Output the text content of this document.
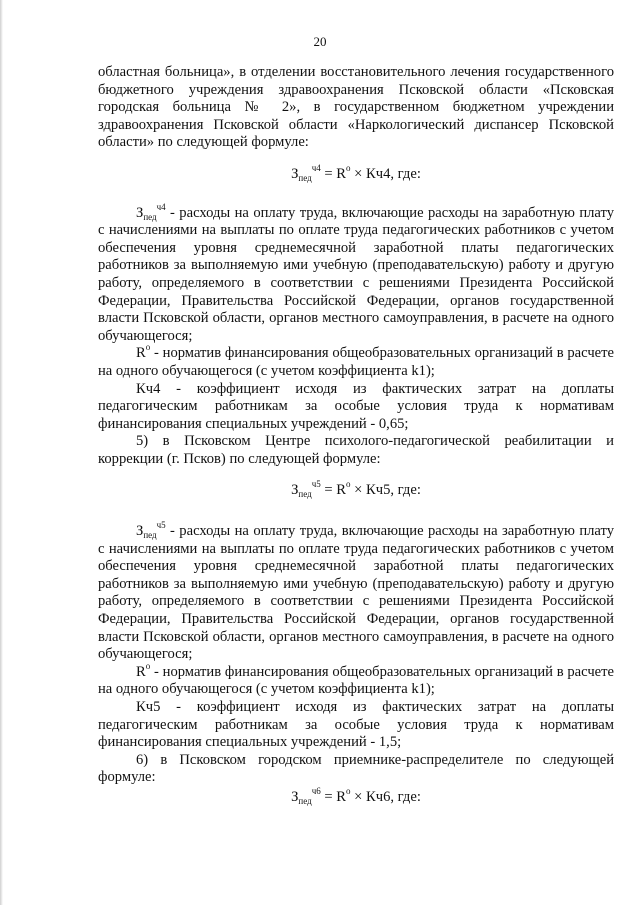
20

областная больница», в отделении восстановительного лечения государственного бюджетного учреждения здравоохранения Псковской области «Псковская городская больница № 2», в государственном бюджетном учреждении здравоохранения Псковской области «Наркологический диспансер Псковской области» по следующей формуле:

$З_{пед}^{ч4} = R^о \times Кч4$, где:

$З_{пед}^{ч4}$ - расходы на оплату труда, включающие расходы на заработную плату с начислениями на выплаты по оплате труда педагогических работников с учетом обеспечения уровня среднемесячной заработной платы педагогических работников за выполняемую ими учебную (преподавательскую) работу и другую работу, определяемого в соответствии с решениями Президента Российской Федерации, Правительства Российской Федерации, органов государственной власти Псковской области, органов местного самоуправления, в расчете на одного обучающегося;

$R^о$ - норматив финансирования общеобразовательных организаций в расчете на одного обучающегося (с учетом коэффициента k1);

Кч4 - коэффициент исходя из фактических затрат на доплаты педагогическим работникам за особые условия труда к нормативам финансирования специальных учреждений - 0,65;

5) в Псковском Центре психолого-педагогической реабилитации и коррекции (г. Псков) по следующей формуле:

$З_{пед}^{ч5} = R^о \times Кч5$, где:

$З_{пед}^{ч5}$ - расходы на оплату труда, включающие расходы на заработную плату с начислениями на выплаты по оплате труда педагогических работников с учетом обеспечения уровня среднемесячной заработной платы педагогических работников за выполняемую ими учебную (преподавательскую) работу и другую работу, определяемого в соответствии с решениями Президента Российской Федерации, Правительства Российской Федерации, органов государственной власти Псковской области, органов местного самоуправления, в расчете на одного обучающегося;

$R^о$ - норматив финансирования общеобразовательных организаций в расчете на одного обучающегося (с учетом коэффициента k1);

Кч5 - коэффициент исходя из фактических затрат на доплаты педагогическим работникам за особые условия труда к нормативам финансирования специальных учреждений - 1,5;

6) в Псковском городском приемнике-распределителе по следующей формуле:

$З_{пед}^{ч6} = R^о \times Кч6$, где:
